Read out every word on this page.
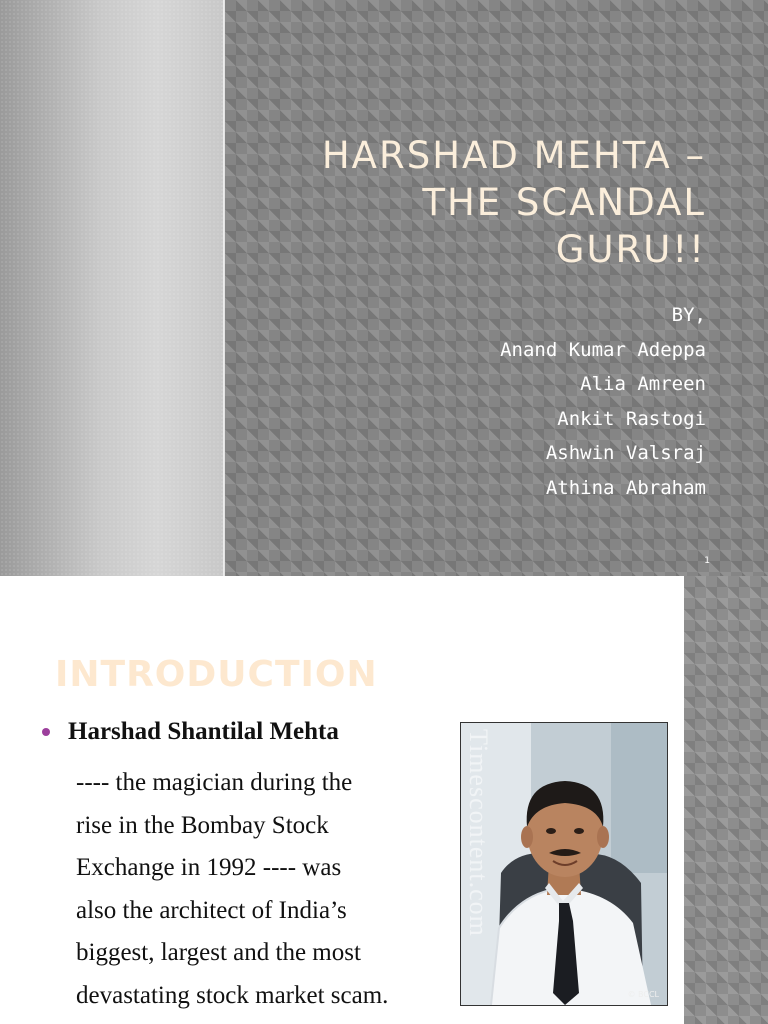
HARSHAD MEHTA – THE SCANDAL GURU!!
BY,
Anand Kumar Adeppa
Alia Amreen
Ankit Rastogi
Ashwin Valsraj
Athina Abraham
1
INTRODUCTION

Harshad Shantilal Mehta

---- the magician during the
rise in the Bombay Stock
Exchange in 1992 ---- was
also the architect of India’s
biggest, largest and the most
devastating stock market scam.

Timescontent.com
© BCCL
